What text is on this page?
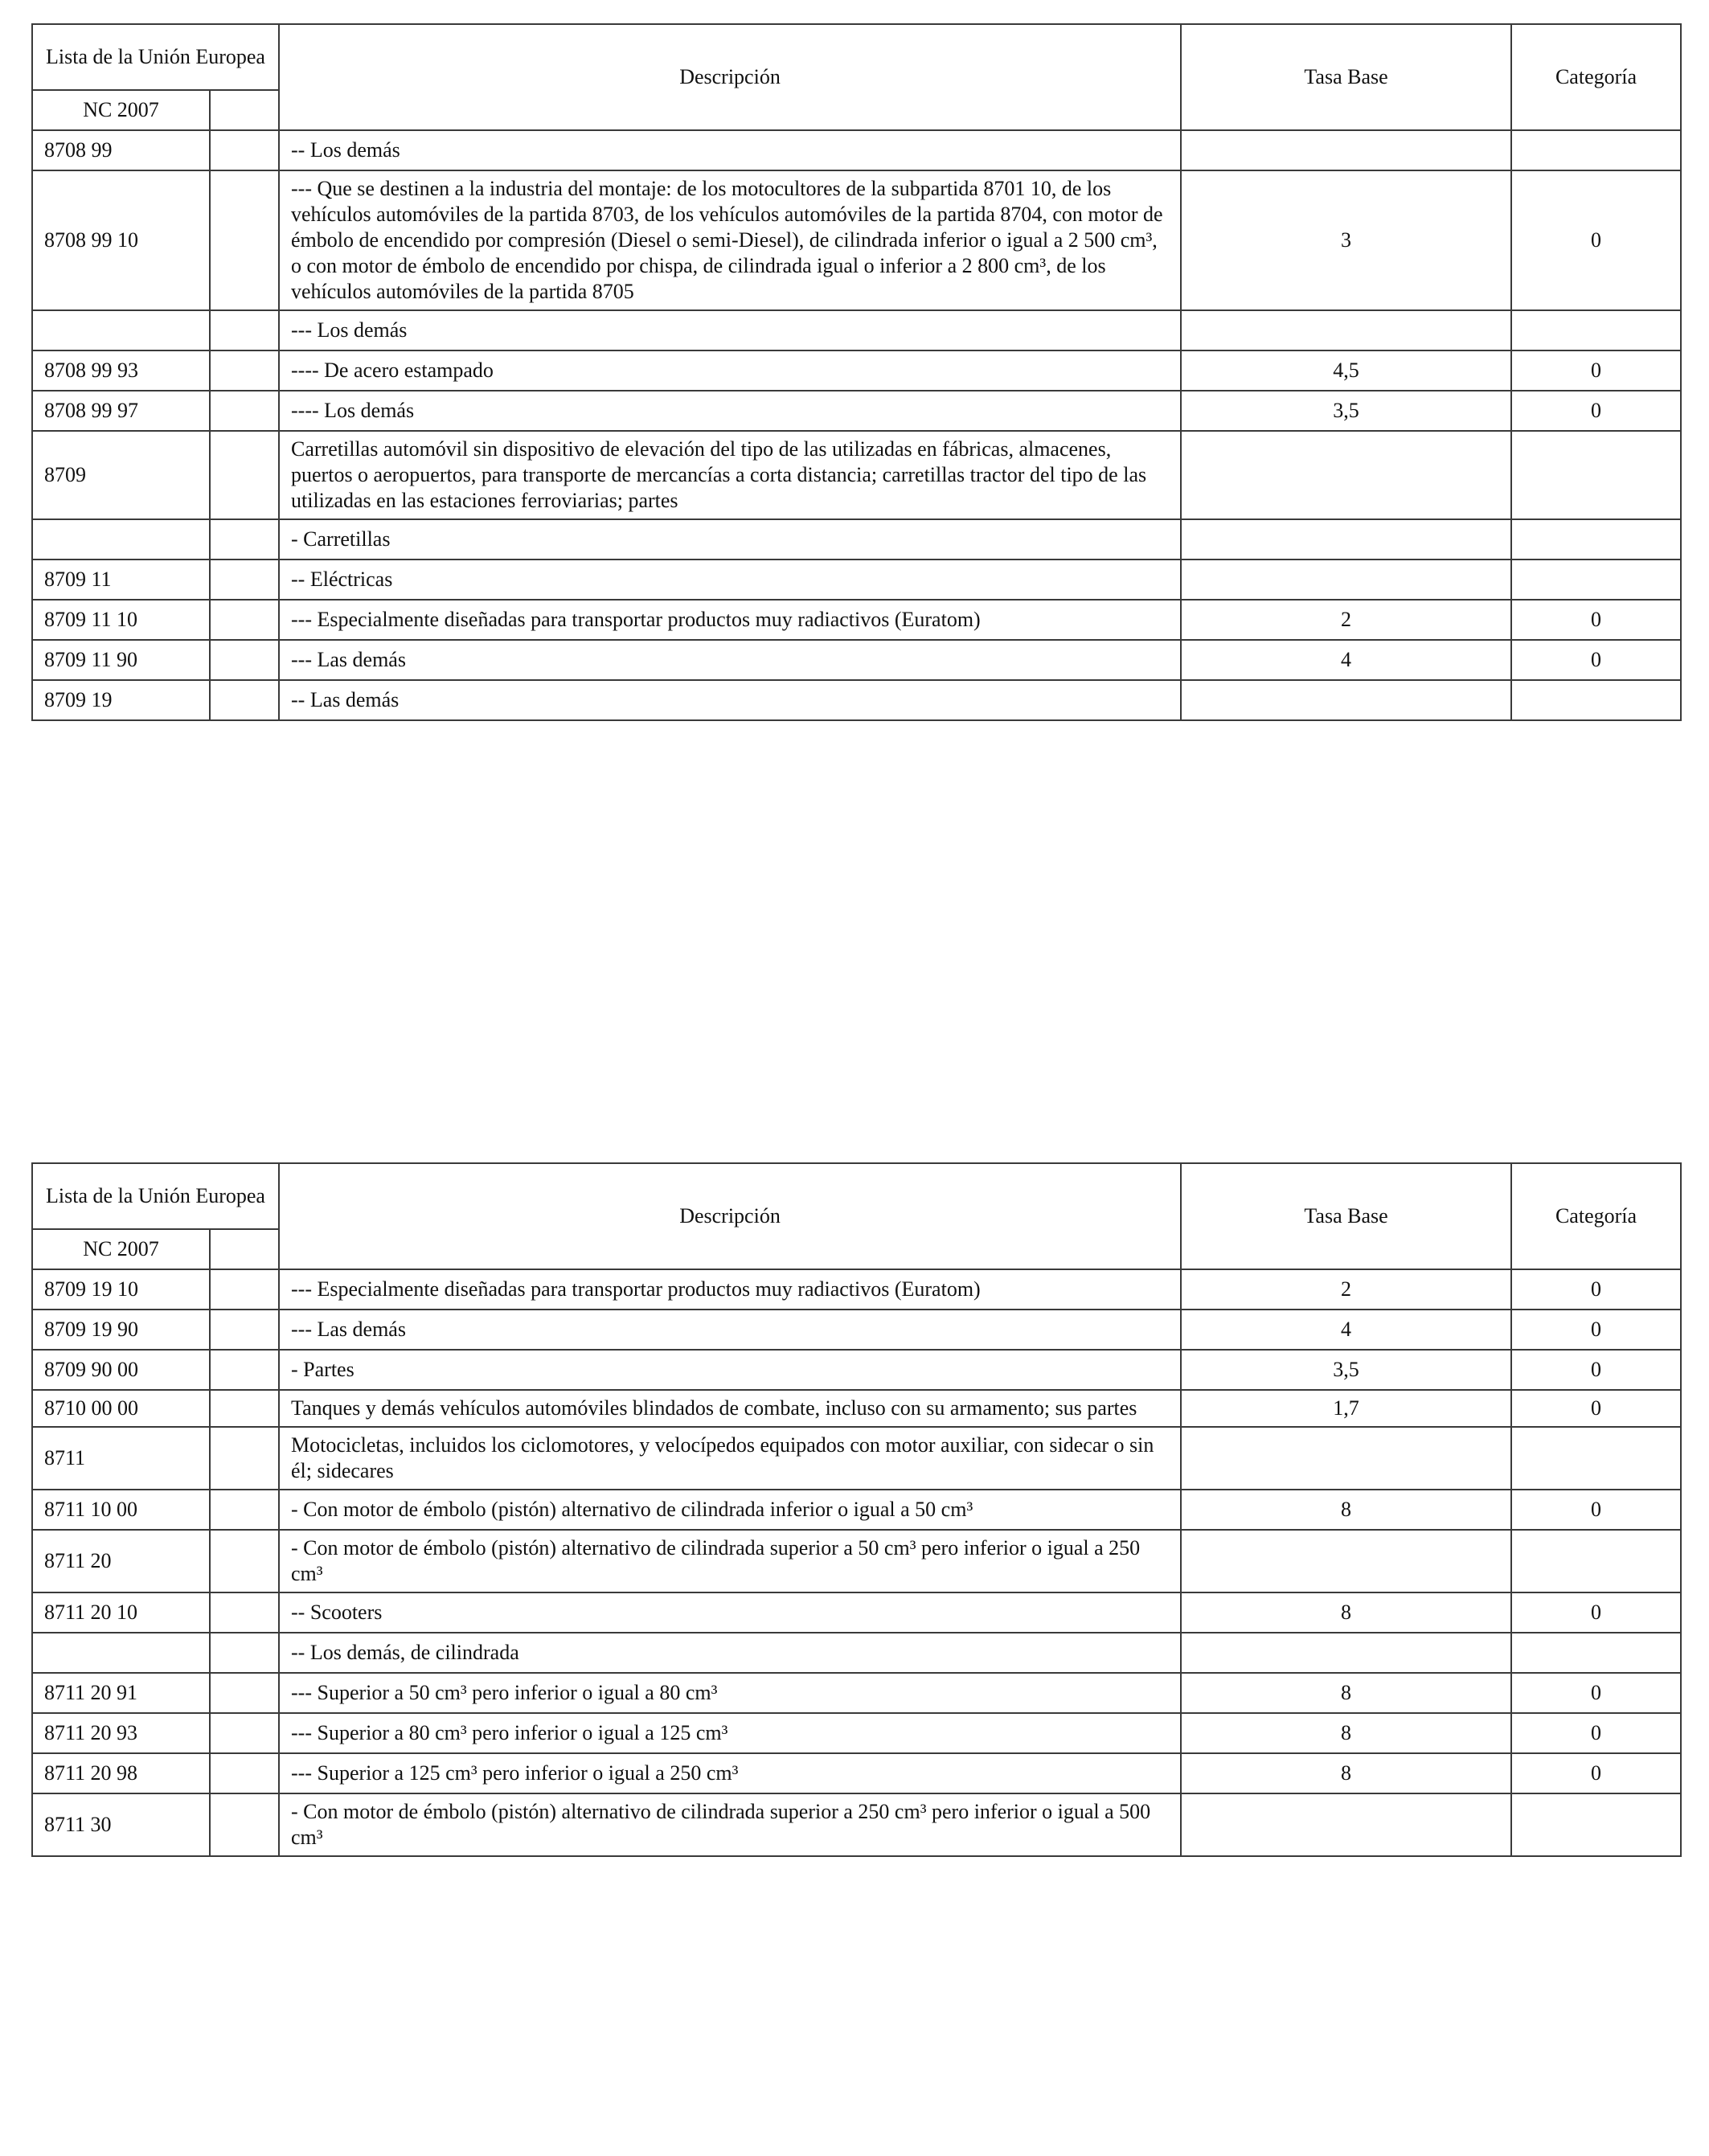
Lista de la Unión Europea		Descripción	Tasa Base	Categoría
NC 2007				
8708 99		-- Los demás		
8708 99 10		--- Que se destinen a la industria del montaje: de los motocultores de la subpartida 8701 10, de los vehículos automóviles de la partida 8703, de los vehículos automóviles de la partida 8704, con motor de émbolo de encendido por compresión (Diesel o semi-Diesel), de cilindrada inferior o igual a 2 500 cm³, o con motor de émbolo de encendido por chispa, de cilindrada igual o inferior a 2 800 cm³, de los vehículos automóviles de la partida 8705	3	0
		--- Los demás		
8708 99 93		---- De acero estampado	4,5	0
8708 99 97		---- Los demás	3,5	0
8709		Carretillas automóvil sin dispositivo de elevación del tipo de las utilizadas en fábricas, almacenes, puertos o aeropuertos, para transporte de mercancías a corta distancia; carretillas tractor del tipo de las utilizadas en las estaciones ferroviarias; partes		
		- Carretillas		
8709 11		-- Eléctricas		
8709 11 10		--- Especialmente diseñadas para transportar productos muy radiactivos (Euratom)	2	0
8709 11 90		--- Las demás	4	0
8709 19		-- Las demás		
Lista de la Unión Europea		Descripción	Tasa Base	Categoría
NC 2007				
8709 19 10		--- Especialmente diseñadas para transportar productos muy radiactivos (Euratom)	2	0
8709 19 90		--- Las demás	4	0
8709 90 00		- Partes	3,5	0
8710 00 00		Tanques y demás vehículos automóviles blindados de combate, incluso con su armamento; sus partes	1,7	0
8711		Motocicletas, incluidos los ciclomotores, y velocípedos equipados con motor auxiliar, con sidecar o sin él; sidecares		
8711 10 00		- Con motor de émbolo (pistón) alternativo de cilindrada inferior o igual a 50 cm³	8	0
8711 20		- Con motor de émbolo (pistón) alternativo de cilindrada superior a 50 cm³ pero inferior o igual a 250 cm³		
8711 20 10		-- Scooters	8	0
		-- Los demás, de cilindrada		
8711 20 91		--- Superior a 50 cm³ pero inferior o igual a 80 cm³	8	0
8711 20 93		--- Superior a 80 cm³ pero inferior o igual a 125 cm³	8	0
8711 20 98		--- Superior a 125 cm³ pero inferior o igual a 250 cm³	8	0
8711 30		- Con motor de émbolo (pistón) alternativo de cilindrada superior a 250 cm³ pero inferior o igual a 500 cm³		
